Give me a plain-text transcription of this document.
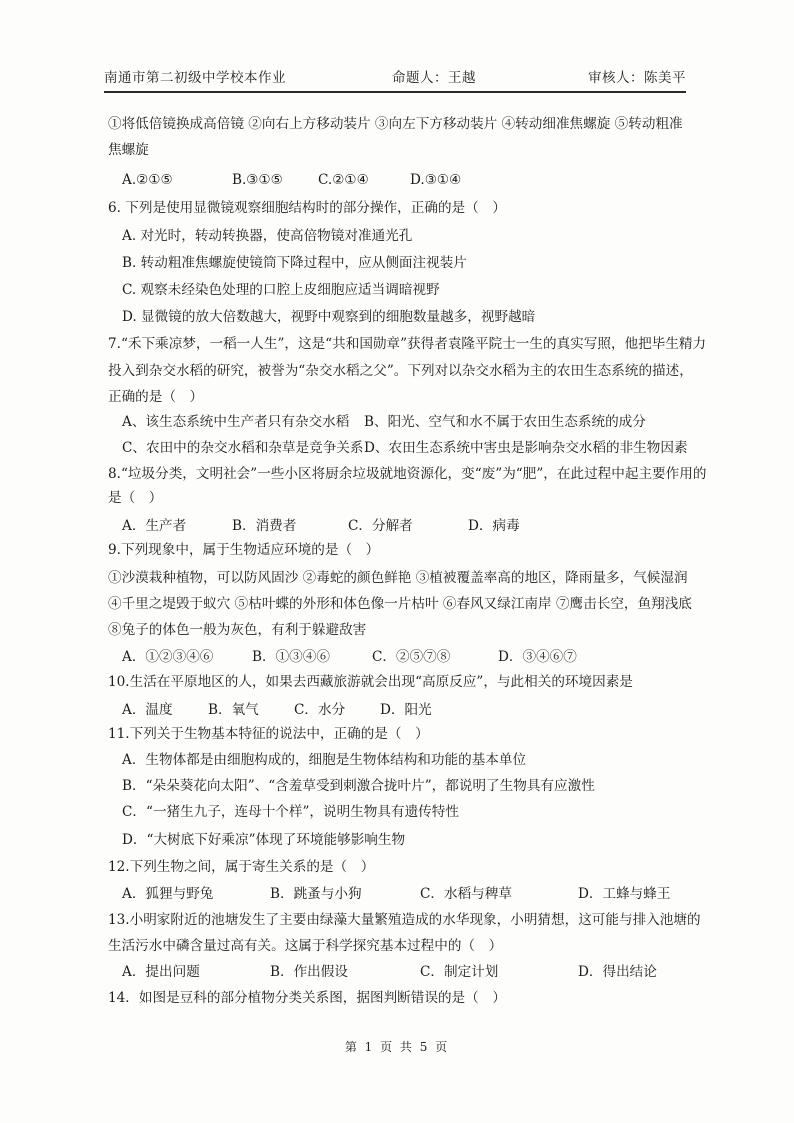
南通市第二初级中学校本作业	命题人：王越	审核人：陈美平
①将低倍镜换成高倍镜 ②向右上方移动装片 ③向左下方移动装片 ④转动细准焦螺旋 ⑤转动粗准
焦螺旋
A.②①⑤	B.③①⑤	C.②①④	D.③①④
6. 下列是使用显微镜观察细胞结构时的部分操作，正确的是（　）
A. 对光时，转动转换器，使高倍物镜对准通光孔
B. 转动粗准焦螺旋使镜筒下降过程中，应从侧面注视装片
C. 观察未经染色处理的口腔上皮细胞应适当调暗视野
D. 显微镜的放大倍数越大，视野中观察到的细胞数量越多，视野越暗
7.“禾下乘凉梦，一稻一人生”，这是“共和国勋章”获得者袁隆平院士一生的真实写照，他把毕生精力
投入到杂交水稻的研究，被誉为“杂交水稻之父”。下列对以杂交水稻为主的农田生态系统的描述，
正确的是（　）
A、该生态系统中生产者只有杂交水稻 B、阳光、空气和水不属于农田生态系统的成分
C、农田中的杂交水稻和杂草是竞争关系 D、农田生态系统中害虫是影响杂交水稻的非生物因素
8.“垃圾分类，文明社会”一些小区将厨余垃圾就地资源化，变“废”为“肥”，在此过程中起主要作用的
是（　）
A．生产者	B．消费者	C．分解者	D．病毒
9.下列现象中，属于生物适应环境的是（　）
①沙漠栽种植物，可以防风固沙 ②毒蛇的颜色鲜艳 ③植被覆盖率高的地区，降雨量多，气候湿润
④千里之堤毁于蚁穴 ⑤枯叶蝶的外形和体色像一片枯叶 ⑥春风又绿江南岸 ⑦鹰击长空，鱼翔浅底
⑧兔子的体色一般为灰色，有利于躲避敌害
A．①②③④⑥	B．①③④⑥	C．②⑤⑦⑧	D．③④⑥⑦
10.生活在平原地区的人，如果去西藏旅游就会出现“高原反应”，与此相关的环境因素是
A．温度	B．氧气	C．水分	D．阳光
11.下列关于生物基本特征的说法中，正确的是（　）
A．生物体都是由细胞构成的，细胞是生物体结构和功能的基本单位
B．“朵朵葵花向太阳”、“含羞草受到刺激合拢叶片”，都说明了生物具有应激性
C．“一猪生九子，连母十个样”，说明生物具有遗传特性
D．“大树底下好乘凉”体现了环境能够影响生物
12.下列生物之间，属于寄生关系的是（　）
A．狐狸与野兔	B．跳蚤与小狗	C．水稻与稗草	D．工蜂与蜂王
13.小明家附近的池塘发生了主要由绿藻大量繁殖造成的水华现象，小明猜想，这可能与排入池塘的
生活污水中磷含量过高有关。这属于科学探究基本过程中的（　）
A．提出问题	B．作出假设	C．制定计划	D．得出结论
14．如图是豆科的部分植物分类关系图，据图判断错误的是（　）
第 1 页 共 5 页
